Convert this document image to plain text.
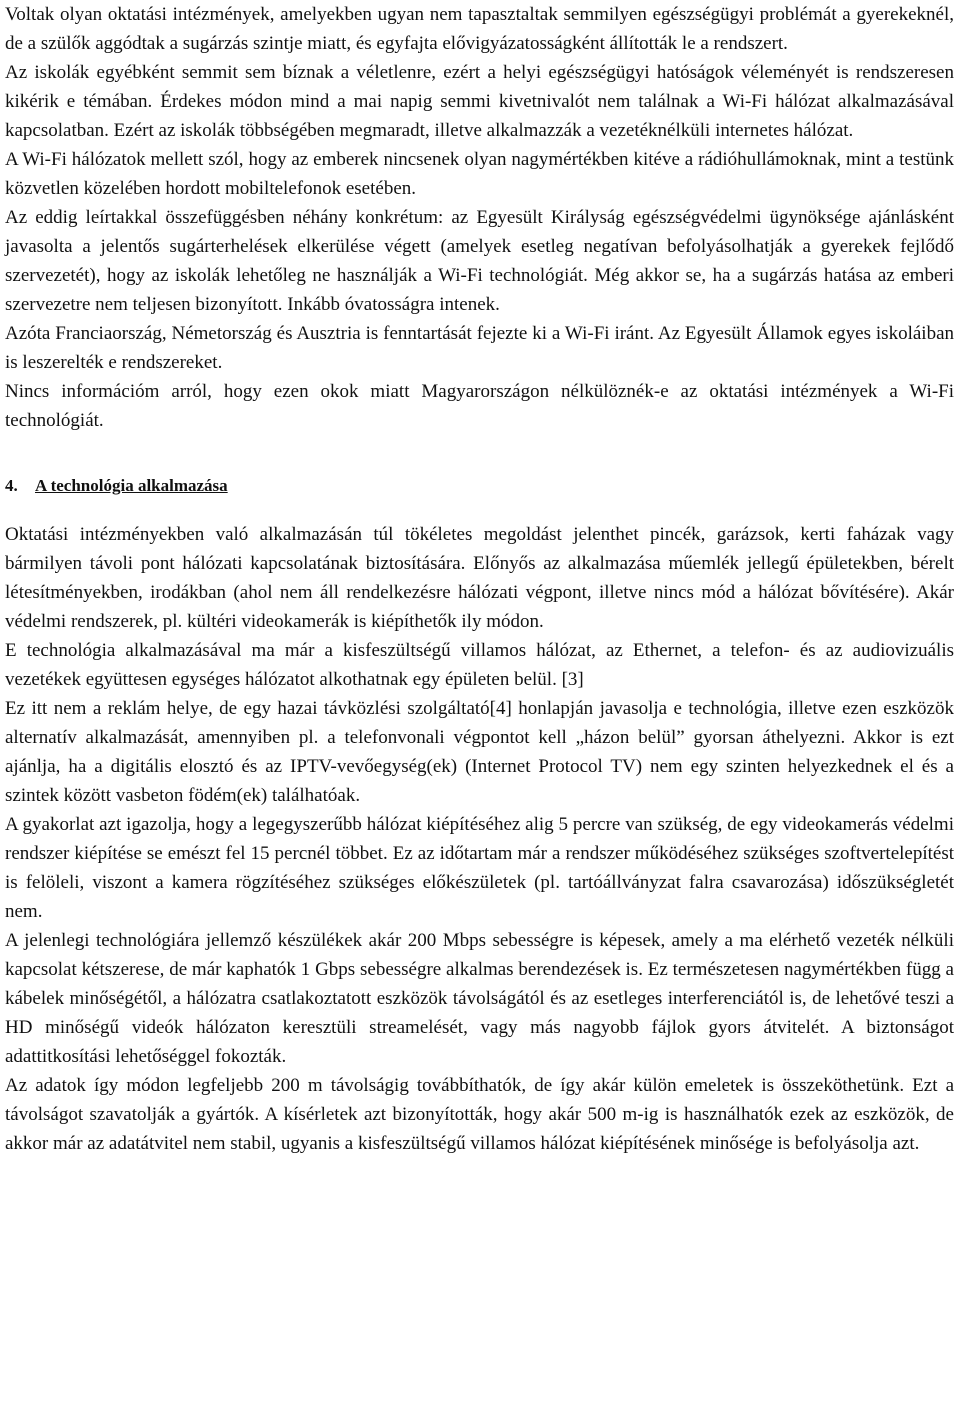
Voltak olyan oktatási intézmények, amelyekben ugyan nem tapasztaltak semmilyen egészségügyi problémát a gyerekeknél, de a szülők aggódtak a sugárzás szintje miatt, és egyfajta elővigyázatosságként állították le a rendszert.

Az iskolák egyébként semmit sem bíznak a véletlenre, ezért a helyi egészségügyi hatóságok véleményét is rendszeresen kikérik e témában. Érdekes módon mind a mai napig semmi kivetnivalót nem találnak a Wi-Fi hálózat alkalmazásával kapcsolatban. Ezért az iskolák többségében megmaradt, illetve alkalmazzák a vezetéknélküli internetes hálózat.

A Wi-Fi hálózatok mellett szól, hogy az emberek nincsenek olyan nagymértékben kitéve a rádióhullámoknak, mint a testünk közvetlen közelében hordott mobiltelefonok esetében.

Az eddig leírtakkal összefüggésben néhány konkrétum: az Egyesült Királyság egészségvédelmi ügynöksége ajánlásként javasolta a jelentős sugárterhelések elkerülése végett (amelyek esetleg negatívan befolyásolhatják a gyerekek fejlődő szervezetét), hogy az iskolák lehetőleg ne használják a Wi-Fi technológiát. Még akkor se, ha a sugárzás hatása az emberi szervezetre nem teljesen bizonyított. Inkább óvatosságra intenek.

Azóta Franciaország, Németország és Ausztria is fenntartását fejezte ki a Wi-Fi iránt. Az Egyesült Államok egyes iskoláiban is leszerelték e rendszereket.

Nincs információm arról, hogy ezen okok miatt Magyarországon nélkülöznék-e az oktatási intézmények a Wi-Fi technológiát.

4. A technológia alkalmazása

Oktatási intézményekben való alkalmazásán túl tökéletes megoldást jelenthet pincék, garázsok, kerti faházak vagy bármilyen távoli pont hálózati kapcsolatának biztosítására. Előnyős az alkalmazása műemlék jellegű épületekben, bérelt létesítményekben, irodákban (ahol nem áll rendelkezésre hálózati végpont, illetve nincs mód a hálózat bővítésére). Akár védelmi rendszerek, pl. kültéri videokamerák is kiépíthetők ily módon.

E technológia alkalmazásával ma már a kisfeszültségű villamos hálózat, az Ethernet, a telefon- és az audiovizuális vezetékek együttesen egységes hálózatot alkothatnak egy épületen belül. [3]

Ez itt nem a reklám helye, de egy hazai távközlési szolgáltató[4] honlapján javasolja e technológia, illetve ezen eszközök alternatív alkalmazását, amennyiben pl. a telefonvonali végpontot kell „házon belül” gyorsan áthelyezni. Akkor is ezt ajánlja, ha a digitális elosztó és az IPTV-vevőegység(ek) (Internet Protocol TV) nem egy szinten helyezkednek el és a szintek között vasbeton födém(ek) találhatóak.

A gyakorlat azt igazolja, hogy a legegyszerűbb hálózat kiépítéséhez alig 5 percre van szükség, de egy videokamerás védelmi rendszer kiépítése se emészt fel 15 percnél többet. Ez az időtartam már a rendszer működéséhez szükséges szoftvertelepítést is felöleli, viszont a kamera rögzítéséhez szükséges előkészületek (pl. tartóállványzat falra csavarozása) időszükségletét nem.

A jelenlegi technológiára jellemző készülékek akár 200 Mbps sebességre is képesek, amely a ma elérhető vezeték nélküli kapcsolat kétszerese, de már kaphatók 1 Gbps sebességre alkalmas berendezések is. Ez természetesen nagymértékben függ a kábelek minőségétől, a hálózatra csatlakoztatott eszközök távolságától és az esetleges interferenciától is, de lehetővé teszi a HD minőségű videók hálózaton keresztüli streamelését, vagy más nagyobb fájlok gyors átvitelét. A biztonságot adattitkosítási lehetőséggel fokozták.

Az adatok így módon legfeljebb 200 m távolságig továbbíthatók, de így akár külön emeletek is összeköthetünk. Ezt a távolságot szavatolják a gyártók. A kísérletek azt bizonyították, hogy akár 500 m-ig is használhatók ezek az eszközök, de akkor már az adatátvitel nem stabil, ugyanis a kisfeszültségű villamos hálózat kiépítésének minősége is befolyásolja azt.
